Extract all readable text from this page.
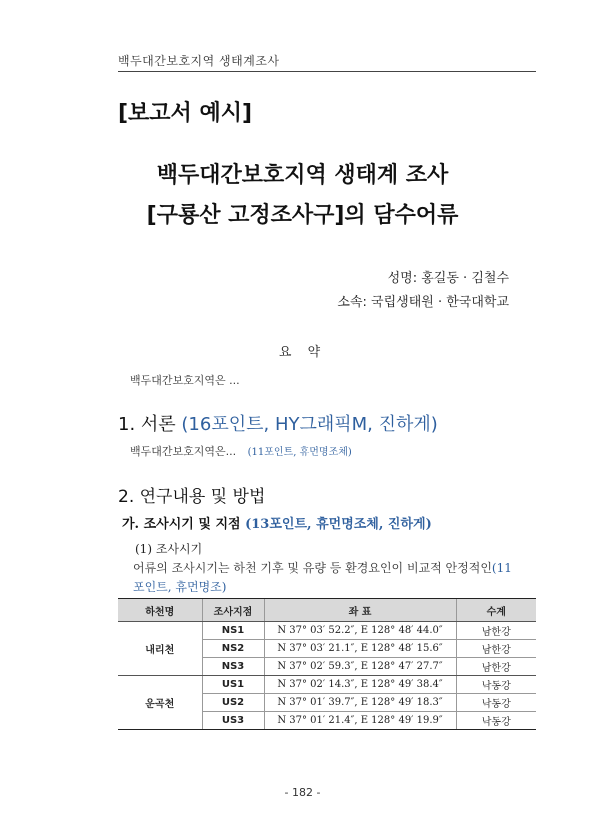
백두대간보호지역 생태계조사
[보고서 예시]
백두대간보호지역 생태계 조사
[구룡산 고정조사구]의 담수어류
성명: 홍길동 · 김철수
소속: 국립생태원 · 한국대학교
요 약
백두대간보호지역은 ...
1. 서론 (16포인트, HY그래픽M, 진하게)
백두대간보호지역은... (11포인트, 휴먼명조체)
2. 연구내용 및 방법
가. 조사시기 및 지점 (13포인트, 휴먼명조체, 진하게)
(1) 조사시기
어류의 조사시기는 하천 기후 및 유량 등 환경요인이 비교적 안정적인(11포인트, 휴먼명조)
하천명	조사지점	좌 표	수계
내리천	NS1	N 37° 03′ 52.2″, E 128° 48′ 44.0″	남한강
	NS2	N 37° 03′ 21.1″, E 128° 48′ 15.6″	남한강
	NS3	N 37° 02′ 59.3″, E 128° 47′ 27.7″	남한강
운곡천	US1	N 37° 02′ 14.3″, E 128° 49′ 38.4″	낙동강
	US2	N 37° 01′ 39.7″, E 128° 49′ 18.3″	낙동강
	US3	N 37° 01′ 21.4″, E 128° 49′ 19.9″	낙동강
- 182 -
